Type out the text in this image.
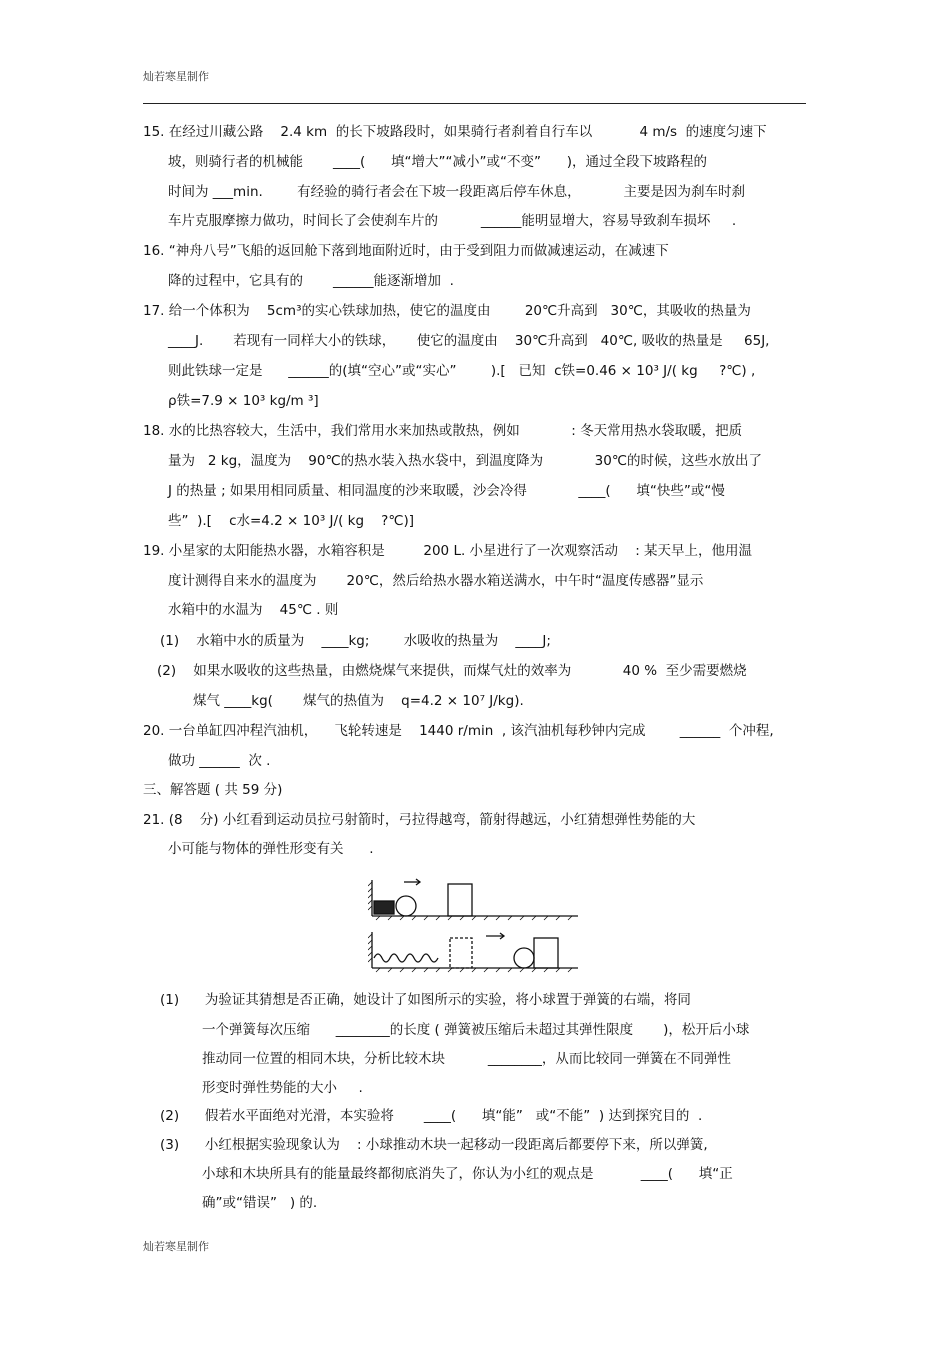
灿若寒星制作
15. 在经过川藏公路    2.4 km  的长下坡路段时，如果骑行者刹着自行车以           4 m/s  的速度匀速下
坡，则骑行者的机械能       ____(      填“增大”“减小”或“不变”      )，通过全段下坡路程的
时间为 ___min.        有经验的骑行者会在下坡一段距离后停车休息，          主要是因为刹车时刹
车片克服摩擦力做功，时间长了会使刹车片的          ______能明显增大，容易导致刹车损坏     .
16. “神舟八号”飞船的返回舱下落到地面附近时，由于受到阻力而做减速运动，在减速下
降的过程中，它具有的       ______能逐渐增加  .
17. 给一个体积为    5cm³的实心铁球加热，使它的温度由        20℃升高到   30℃，其吸收的热量为
____J.       若现有一同样大小的铁球，     使它的温度由    30℃升高到   40℃, 吸收的热量是     65J,
则此铁球一定是      ______的(填“空心”或“实心”        ).[   已知  c铁=0.46 × 10³ J/( kg     ?℃) ,
ρ铁=7.9 × 10³ kg/m ³]
18. 水的比热容较大，生活中，我们常用水来加热或散热，例如            : 冬天常用热水袋取暖，把质
量为   2 kg，温度为    90℃的热水装入热水袋中，到温度降为            30℃的时候，这些水放出了
J 的热量 ; 如果用相同质量、相同温度的沙来取暖，沙会冷得            ____(      填“快些”或“慢
些”  ).[    c水=4.2 × 10³ J/( kg    ?℃)]
19. 小星家的太阳能热水器，水箱容积是         200 L. 小星进行了一次观察活动    : 某天早上，他用温
度计测得自来水的温度为       20℃，然后给热水器水箱送满水，中午时“温度传感器”显示
水箱中的水温为    45℃ . 则
(1)    水箱中水的质量为    ____kg;        水吸收的热量为    ____J;
(2)    如果水吸收的这些热量，由燃烧煤气来提供，而煤气灶的效率为            40 %  至少需要燃烧
煤气 ____kg(       煤气的热值为    q=4.2 × 10⁷ J/kg).
20. 一台单缸四冲程汽油机，    飞轮转速是    1440 r/min  , 该汽油机每秒钟内完成        ______  个冲程,
做功 ______  次 .
三、解答题 ( 共 59 分)
21. (8    分) 小红看到运动员拉弓射箭时，弓拉得越弯，箭射得越远，小红猜想弹性势能的大
小可能与物体的弹性形变有关      .
(1)      为验证其猜想是否正确，她设计了如图所示的实验，将小球置于弹簧的右端，将同
一个弹簧每次压缩      ________的长度 ( 弹簧被压缩后未超过其弹性限度       )，松开后小球
推动同一位置的相同木块，分析比较木块          ________，从而比较同一弹簧在不同弹性
形变时弹性势能的大小     .
(2)      假若水平面绝对光滑，本实验将       ____(      填“能”   或“不能”  ) 达到探究目的  .
(3)      小红根据实验现象认为    : 小球推动木块一起移动一段距离后都要停下来，所以弹簧,
小球和木块所具有的能量最终都彻底消失了，你认为小红的观点是           ____(      填“正
确”或“错误”   ) 的.
灿若寒星制作
